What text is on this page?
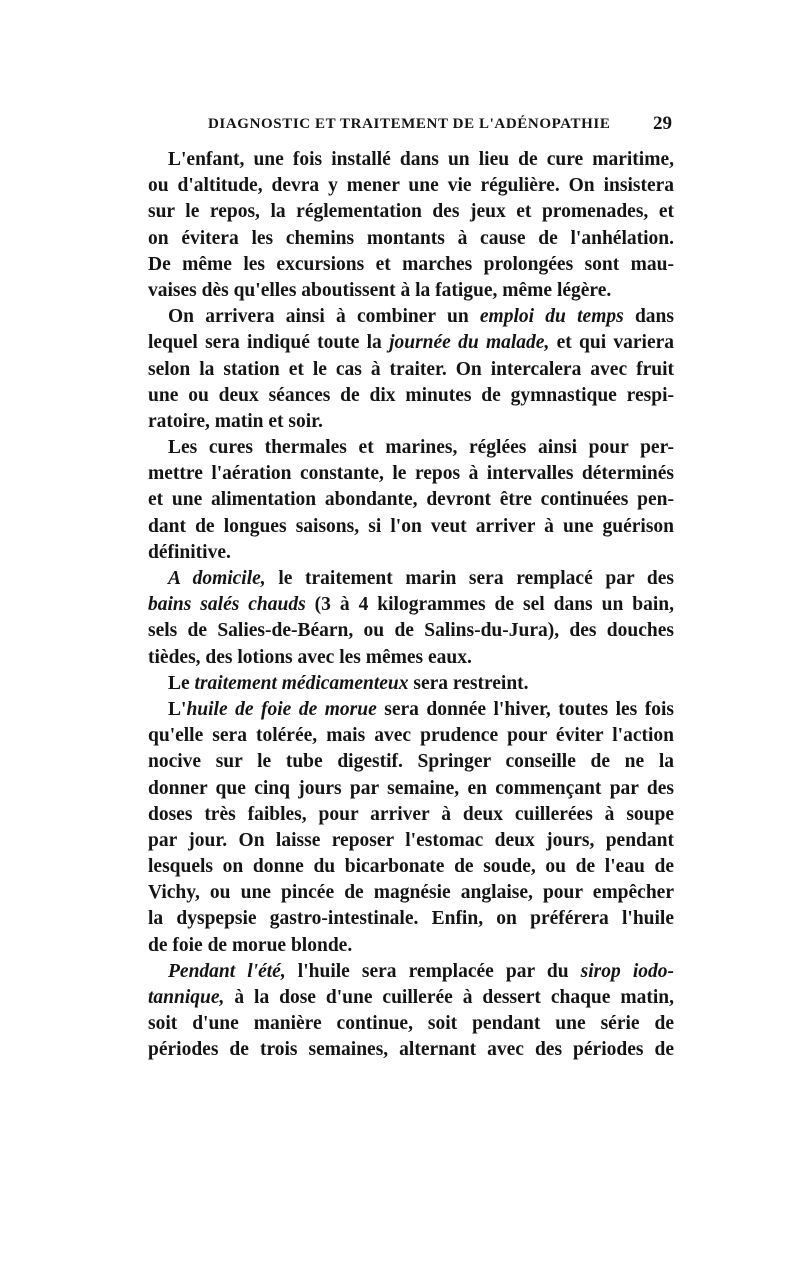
DIAGNOSTIC ET TRAITEMENT DE L'ADÉNOPATHIE 29
L'enfant, une fois installé dans un lieu de cure maritime,
ou d'altitude, devra y mener une vie régulière. On insistera
sur le repos, la réglementation des jeux et promenades, et
on évitera les chemins montants à cause de l'anhélation.
De même les excursions et marches prolongées sont mau-
vaises dès qu'elles aboutissent à la fatigue, même légère.
On arrivera ainsi à combiner un emploi du temps dans
lequel sera indiqué toute la journée du malade, et qui variera
selon la station et le cas à traiter. On intercalera avec fruit
une ou deux séances de dix minutes de gymnastique respi-
ratoire, matin et soir.
Les cures thermales et marines, réglées ainsi pour per-
mettre l'aération constante, le repos à intervalles déterminés
et une alimentation abondante, devront être continuées pen-
dant de longues saisons, si l'on veut arriver à une guérison
définitive.
A domicile, le traitement marin sera remplacé par des
bains salés chauds (3 à 4 kilogrammes de sel dans un bain,
sels de Salies-de-Béarn, ou de Salins-du-Jura), des douches
tièdes, des lotions avec les mêmes eaux.
Le traitement médicamenteux sera restreint.
L'huile de foie de morue sera donnée l'hiver, toutes les fois
qu'elle sera tolérée, mais avec prudence pour éviter l'action
nocive sur le tube digestif. Springer conseille de ne la
donner que cinq jours par semaine, en commençant par des
doses très faibles, pour arriver à deux cuillerées à soupe
par jour. On laisse reposer l'estomac deux jours, pendant
lesquels on donne du bicarbonate de soude, ou de l'eau de
Vichy, ou une pincée de magnésie anglaise, pour empêcher
la dyspepsie gastro-intestinale. Enfin, on préférera l'huile
de foie de morue blonde.
Pendant l'été, l'huile sera remplacée par du sirop iodo-
tannique, à la dose d'une cuillerée à dessert chaque matin,
soit d'une manière continue, soit pendant une série de
périodes de trois semaines, alternant avec des périodes de
